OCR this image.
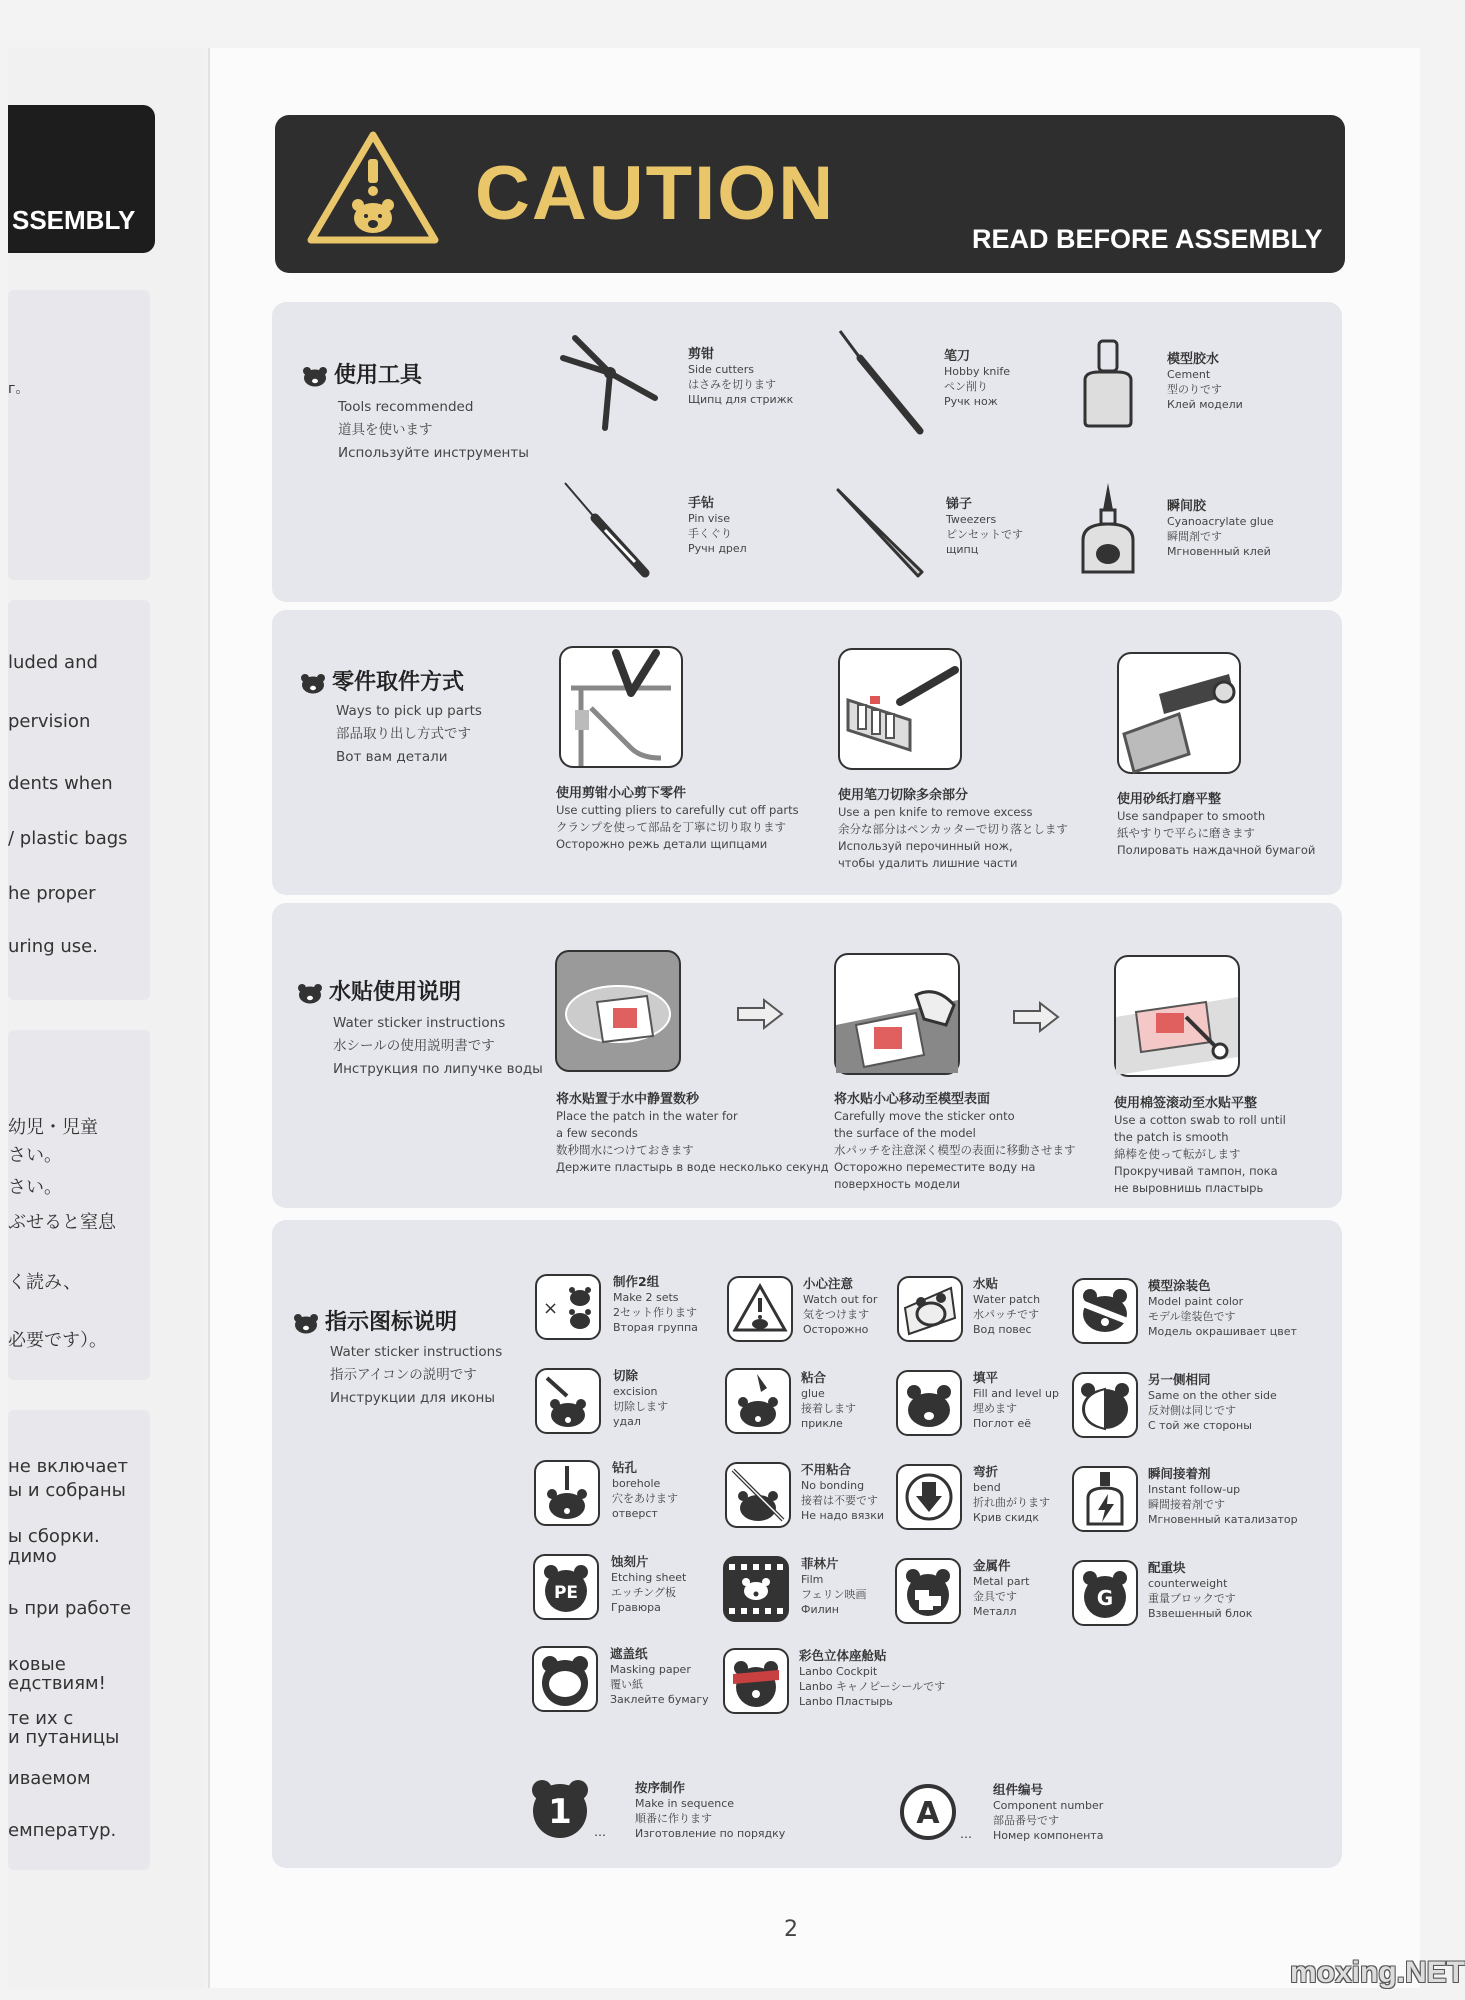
SSEMBLY
г。
luded and
pervision
dents when
/ plastic bags
he proper
uring use.
幼児・児童
さい。
さい。
ぶせると窒息
く読み、
必要です）。
не включает
ы и собраны
ы сборки.
димо
ь при работе
ковые
едствиям!
те их с
и путаницы
иваемом
емператур.
CAUTION
READ BEFORE ASSEMBLY
使用工具
Tools recommended
道具を使います
Используйте инструменты
剪钳
Side cutters
はさみを切ります
Щипц для стрижк
笔刀
Hobby knife
ペン削り
Ручк нож
模型胶水
Cement
型のりです
Клей модели
手钻
Pin vise
手くぐり
Ручн дрел
锑子
Tweezers
ピンセットです
щипц
瞬间胶
Cyanoacrylate glue
瞬間剤です
Мгновенный клей
零件取件方式
Ways to pick up parts
部品取り出し方式です
Вот вам детали
使用剪钳小心剪下零件
Use cutting pliers to carefully cut off parts
クランプを使って部品を丁寧に切り取ります
Осторожно режь детали щипцами
使用笔刀切除多余部分
Use a pen knife to remove excess
余分な部分はペンカッターで切り落とします
Используй перочинный нож,
чтобы удалить лишние части
使用砂纸打磨平整
Use sandpaper to smooth
紙やすりで平らに磨きます
Полировать наждачной бумагой
水贴使用说明
Water sticker instructions
水シールの使用説明書です
Инструкция по липучке воды
将水贴置于水中静置数秒
Place the patch in the water for
a few seconds
数秒間水につけておきます
Держите пластырь в воде несколько секунд
将水贴小心移动至模型表面
Carefully move the sticker onto
the surface of the model
水パッチを注意深く模型の表面に移動させます
Осторожно переместите воду на
поверхность модели
使用棉签滚动至水贴平整
Use a cotton swab to roll until
the patch is smooth
綿棒を使って転がします
Прокручивай тампон, пока
не выровнишь пластырь
指示图标说明
Water sticker instructions
指示アイコンの説明です
Инструкции для иконы
×
制作2组
Make 2 sets
2セット作ります
Вторая группа
小心注意
Watch out for
気をつけます
Осторожно
水贴
Water patch
水パッチです
Вод повес
模型涂装色
Model paint color
モデル塗装色です
Модель окрашивает цвет
切除
excision
切除します
удал
粘合
glue
接着します
прикле
填平
Fill and level up
埋めます
Поглот её
另一侧相同
Same on the other side
反対側は同じです
С той же стороны
钻孔
borehole
穴をあけます
отверст
不用粘合
No bonding
接着は不要です
Не надо вязки
弯折
bend
折れ曲がります
Крив скидк
瞬间接着剂
Instant follow-up
瞬間接着剤です
Мгновенный катализатор
PE
蚀刻片
Etching sheet
エッチング板
Гравюра
菲林片
Film
フェリン映画
Филин
金属件
Metal part
金具です
Металл
G
配重块
counterweight
重量ブロックです
Взвешенный блок
遮盖纸
Masking paper
覆い紙
Заклейте бумагу
彩色立体座舱贴
Lanbo Cockpit
Lanbo キャノピーシールです
Lanbo Пластырь
1 …
按序制作
Make in sequence
順番に作ります
Изготовление по порядку
A
…
组件编号
Component number
部品番号です
Номер компонента
2
moxing.NET
